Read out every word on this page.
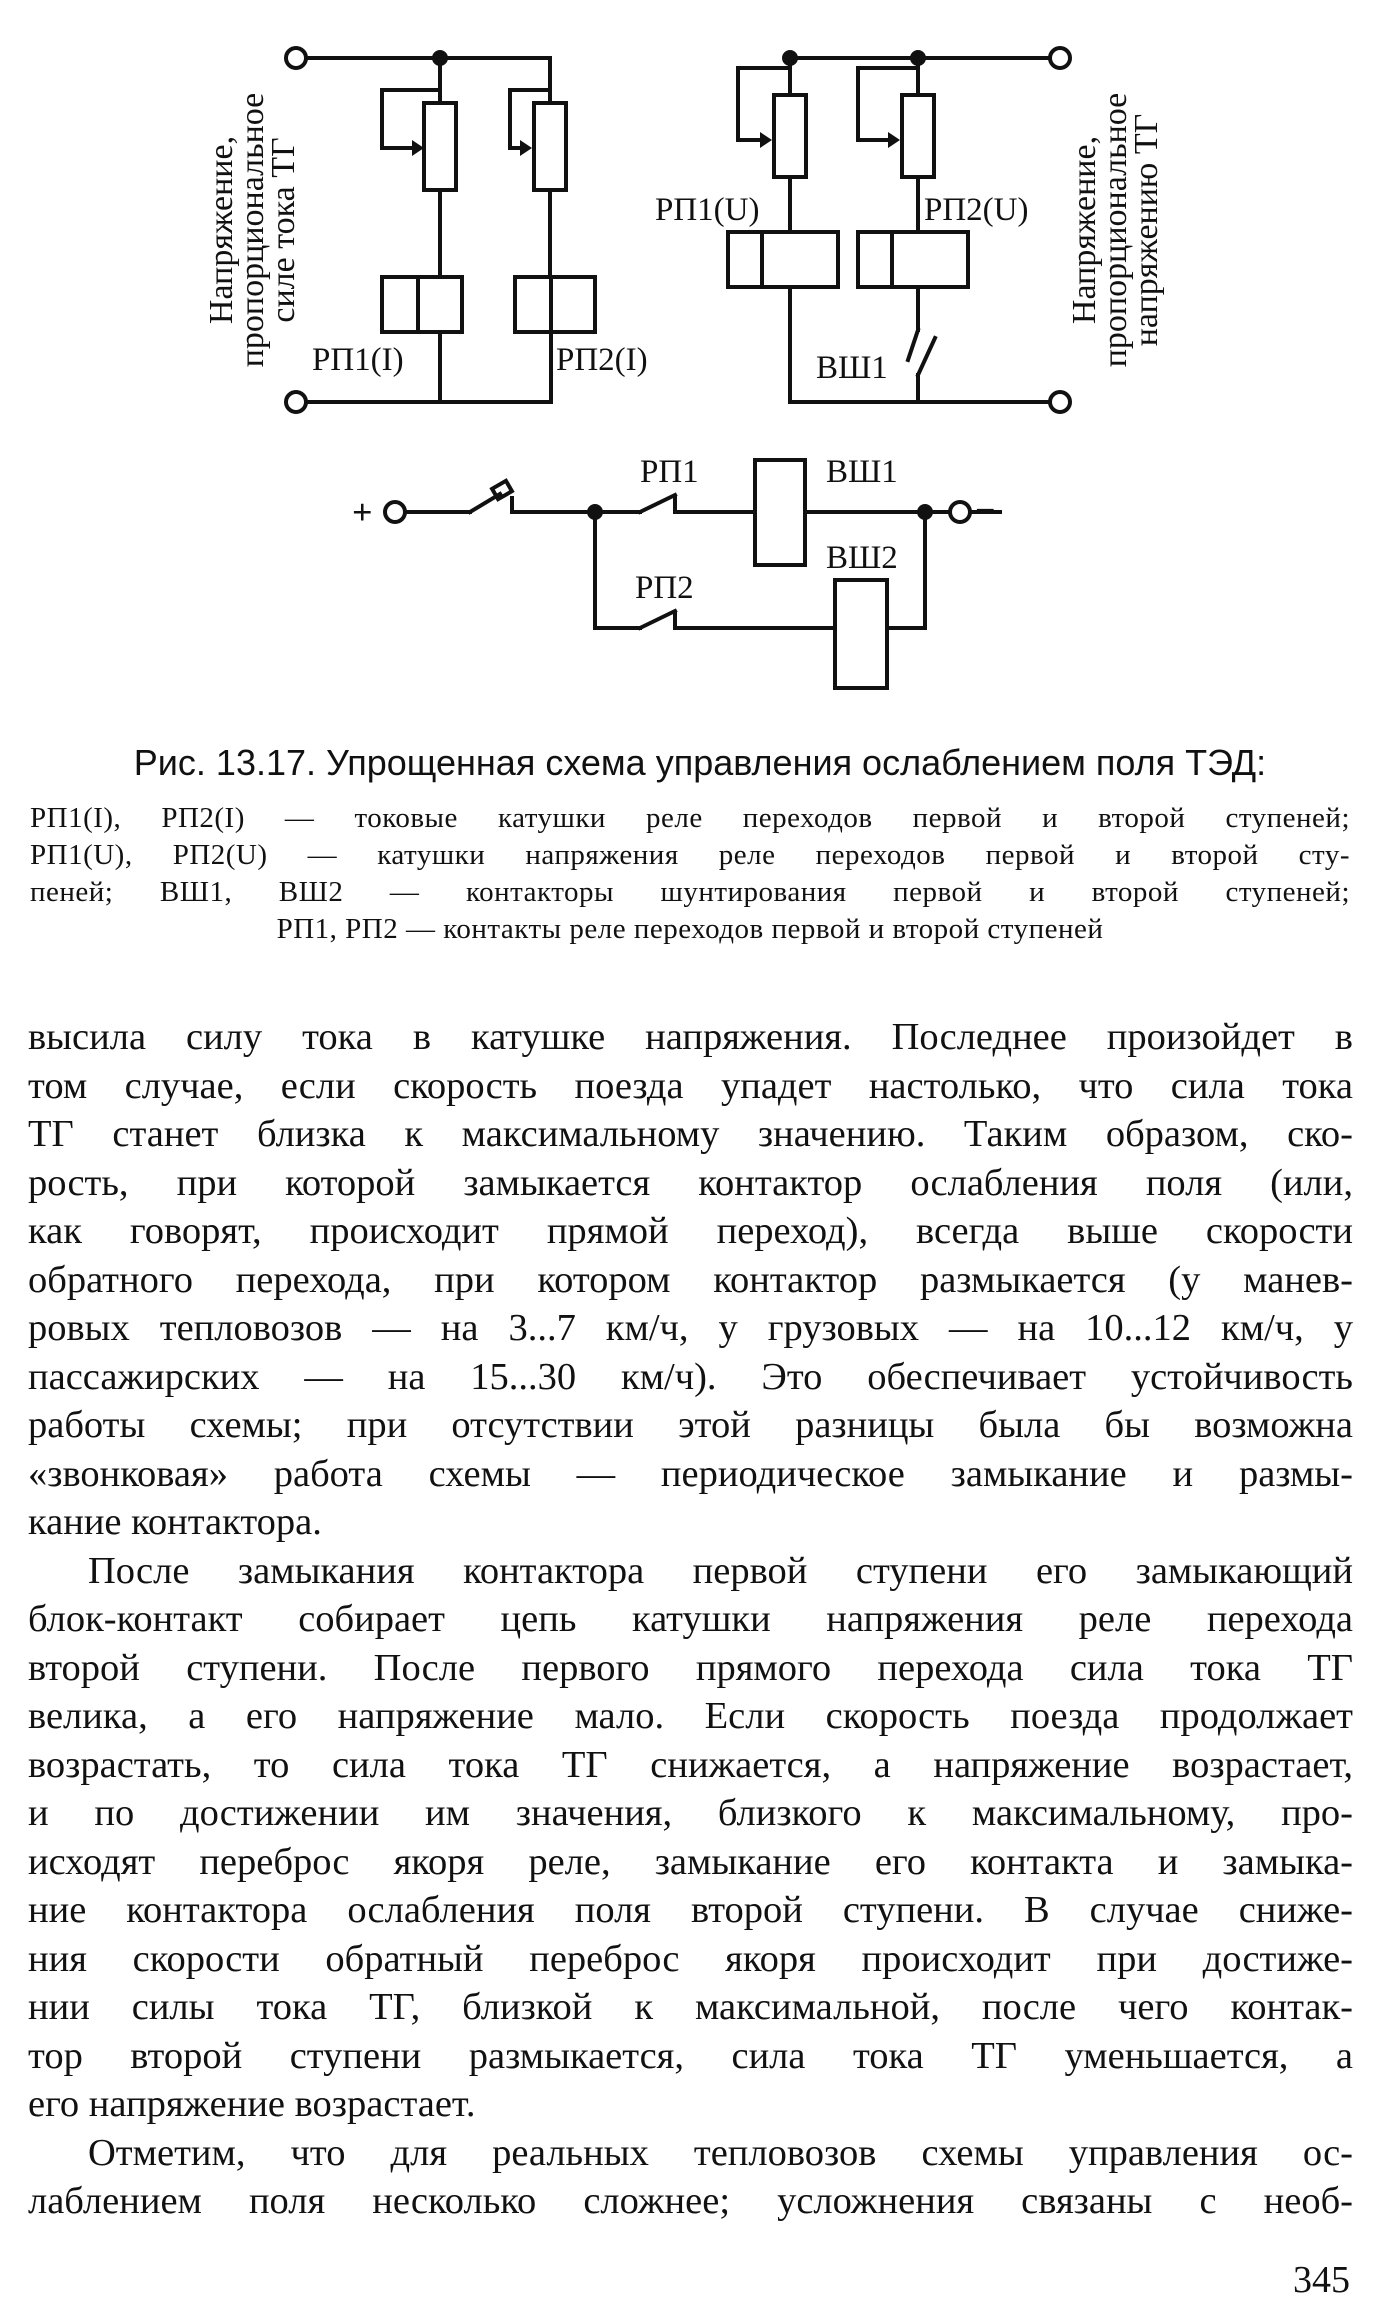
Напряжение,
пропорциональное
силе тока ТГ	Напряжение,
пропорциональное
напряжению ТГ
РП1(I)	РП2(I)
РП1(U)	РП2(U)
ВШ1
РП1
РП2
ВШ1
ВШ2
+	−
Рис. 13.17. Упрощенная схема управления ослаблением поля ТЭД:
РП1(I), РП2(I) — токовые катушки реле переходов первой и второй ступеней;
РП1(U), РП2(U) — катушки напряжения реле переходов первой и второй сту-
пеней; ВШ1, ВШ2 — контакторы шунтирования первой и второй ступеней;
РП1, РП2 — контакты реле переходов первой и второй ступеней
высила силу тока в катушке напряжения. Последнее произойдет в
том случае, если скорость поезда упадет настолько, что сила тока
ТГ станет близка к максимальному значению. Таким образом, ско-
рость, при которой замыкается контактор ослабления поля (или,
как говорят, происходит прямой переход), всегда выше скорости
обратного перехода, при котором контактор размыкается (у манев-
ровых тепловозов — на 3...7 км/ч, у грузовых — на 10...12 км/ч, у
пассажирских — на 15...30 км/ч). Это обеспечивает устойчивость
работы схемы; при отсутствии этой разницы была бы возможна
«звонковая» работа схемы — периодическое замыкание и размы-
кание контактора.
После замыкания контактора первой ступени его замыкающий
блок-контакт собирает цепь катушки напряжения реле перехода
второй ступени. После первого прямого перехода сила тока ТГ
велика, а его напряжение мало. Если скорость поезда продолжает
возрастать, то сила тока ТГ снижается, а напряжение возрастает,
и по достижении им значения, близкого к максимальному, про-
исходят переброс якоря реле, замыкание его контакта и замыка-
ние контактора ослабления поля второй ступени. В случае сниже-
ния скорости обратный переброс якоря происходит при достиже-
нии силы тока ТГ, близкой к максимальной, после чего контак-
тор второй ступени размыкается, сила тока ТГ уменьшается, а
его напряжение возрастает.
Отметим, что для реальных тепловозов схемы управления ос-
лаблением поля несколько сложнее; усложнения связаны с необ-
345
